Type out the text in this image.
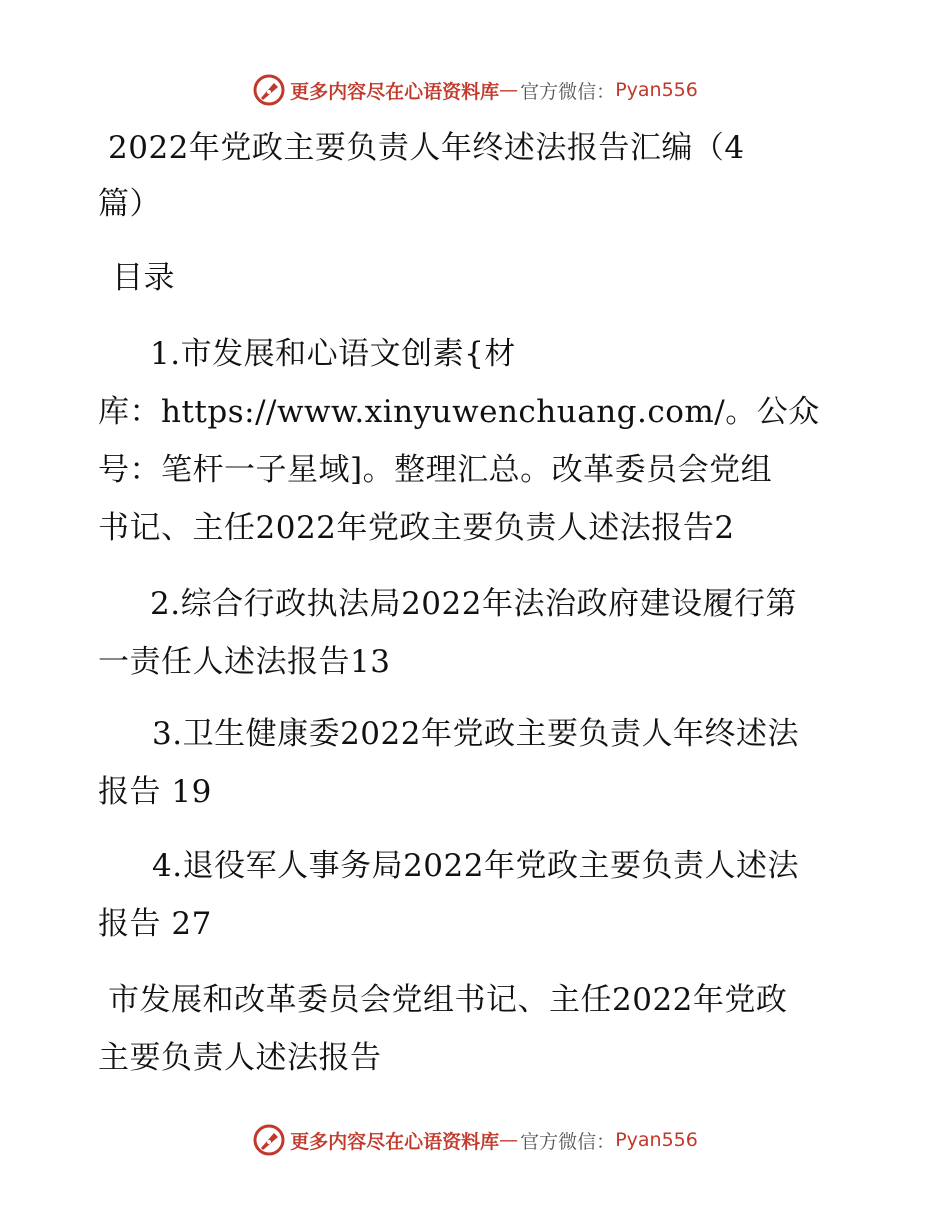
更多内容尽在心语资料库 — 官方微信： Pyan556
2022年党政主要负责人年终述法报告汇编（4
篇）
目录
1.市发展和心语文创素{材
库：https://www.xinyuwenchuang.com/。公众
号：笔杆一子星域]。整理汇总。改革委员会党组
书记、主任2022年党政主要负责人述法报告2
2.综合行政执法局2022年法治政府建设履行第
一责任人述法报告13
3.卫生健康委2022年党政主要负责人年终述法
报告 19
4.退役军人事务局2022年党政主要负责人述法
报告 27
市发展和改革委员会党组书记、主任2022年党政
主要负责人述法报告
更多内容尽在心语资料库 — 官方微信： Pyan556
